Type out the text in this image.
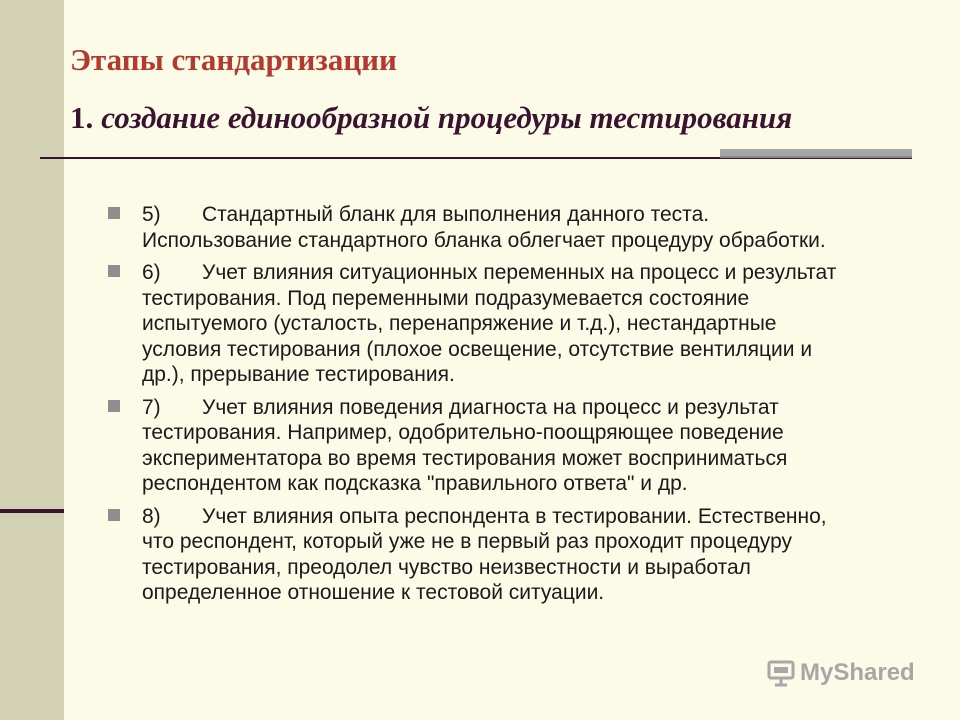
Этапы стандартизации
1. создание единообразной процедуры тестирования
5) Стандартный бланк для выполнения данного теста. Использование стандартного бланка облегчает процедуру обработки.
6) Учет влияния ситуационных переменных на процесс и результат тестирования. Под переменными подразумевается состояние испытуемого (усталость, перенапряжение и т.д.), нестандартные условия тестирования (плохое освещение, отсутствие вентиляции и др.), прерывание тестирования.
7) Учет влияния поведения диагноста на процесс и результат тестирования. Например, одобрительно-поощряющее поведение экспериментатора во время тестирования может восприниматься респондентом как подсказка "правильного ответа" и др.
8) Учет влияния опыта респондента в тестировании. Естественно, что респондент, который уже не в первый раз проходит процедуру тестирования, преодолел чувство неизвестности и выработал определенное отношение к тестовой ситуации.
MyShared
